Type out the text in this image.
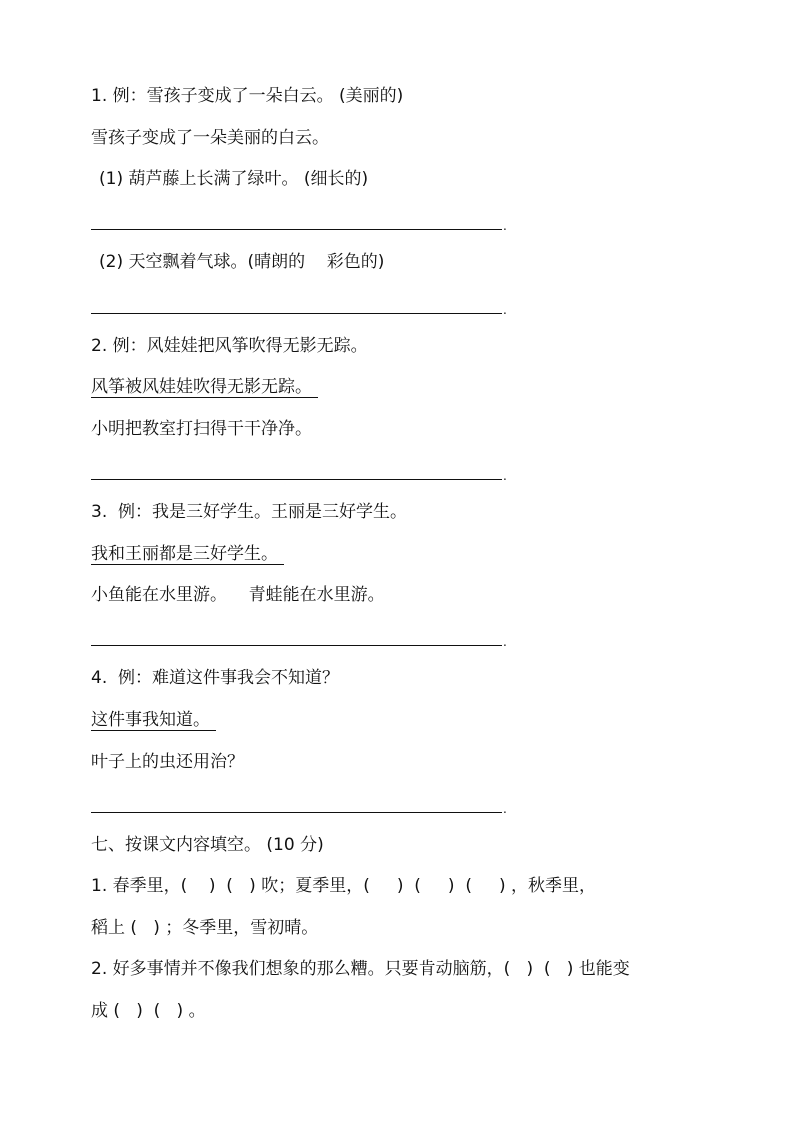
1. 例：雪孩子变成了一朵白云。 (美丽的)
雪孩子变成了一朵美丽的白云。
(1) 葫芦藤上长满了绿叶。 (细长的)
.
(2) 天空飘着气球。(晴朗的    彩色的)
.
2. 例：风娃娃把风筝吹得无影无踪。
风筝被风娃娃吹得无影无踪。
小明把教室打扫得干干净净。
.
3.  例：我是三好学生。王丽是三好学生。
我和王丽都是三好学生。
小鱼能在水里游。    青蛙能在水里游。
.
4.  例：难道这件事我会不知道？
这件事我知道。
叶子上的虫还用治？
.
七、按课文内容填空。 (10 分)
1. 春季里，(    )  (   ) 吹；夏季里，(     )  (     )  (     ) ，秋季里，
稻上 (   ) ；冬季里，雪初晴。
2. 好多事情并不像我们想象的那么糟。只要肯动脑筋，(   )  (   ) 也能变
成 (   )  (   ) 。
